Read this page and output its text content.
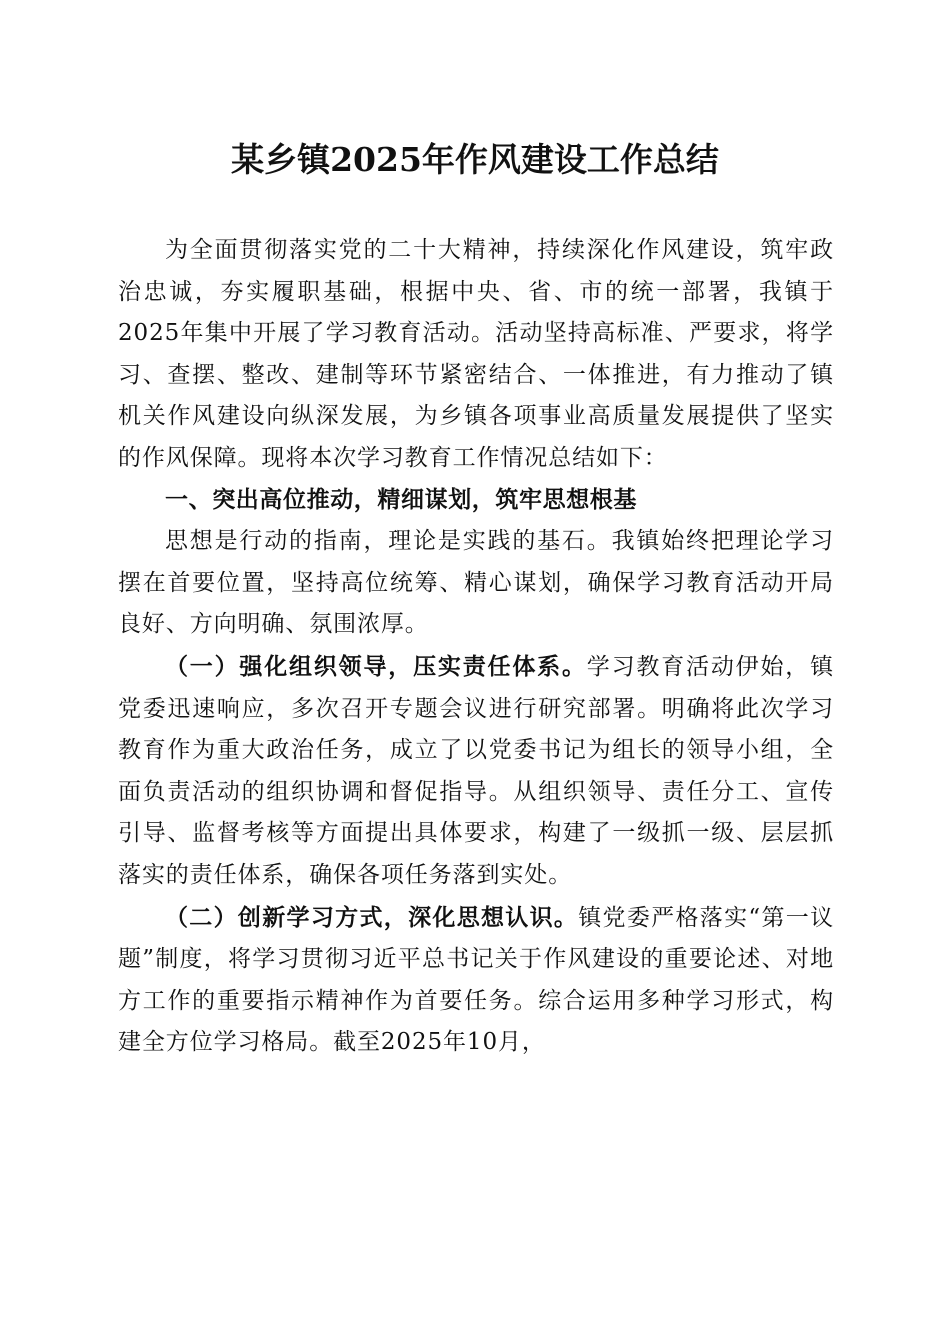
某乡镇2025年作风建设工作总结

为全面贯彻落实党的二十大精神，持续深化作风建设，筑牢政治忠诚，夯实履职基础，根据中央、省、市的统一部署，我镇于2025年集中开展了学习教育活动。活动坚持高标准、严要求，将学习、查摆、整改、建制等环节紧密结合、一体推进，有力推动了镇机关作风建设向纵深发展，为乡镇各项事业高质量发展提供了坚实的作风保障。现将本次学习教育工作情况总结如下：

一、突出高位推动，精细谋划，筑牢思想根基

思想是行动的指南，理论是实践的基石。我镇始终把理论学习摆在首要位置，坚持高位统筹、精心谋划，确保学习教育活动开局良好、方向明确、氛围浓厚。

（一）强化组织领导，压实责任体系。学习教育活动伊始，镇党委迅速响应，多次召开专题会议进行研究部署。明确将此次学习教育作为重大政治任务，成立了以党委书记为组长的领导小组，全面负责活动的组织协调和督促指导。从组织领导、责任分工、宣传引导、监督考核等方面提出具体要求，构建了一级抓一级、层层抓落实的责任体系，确保各项任务落到实处。

（二）创新学习方式，深化思想认识。镇党委严格落实“第一议题”制度，将学习贯彻习近平总书记关于作风建设的重要论述、对地方工作的重要指示精神作为首要任务。综合运用多种学习形式，构建全方位学习格局。截至2025年10月，
